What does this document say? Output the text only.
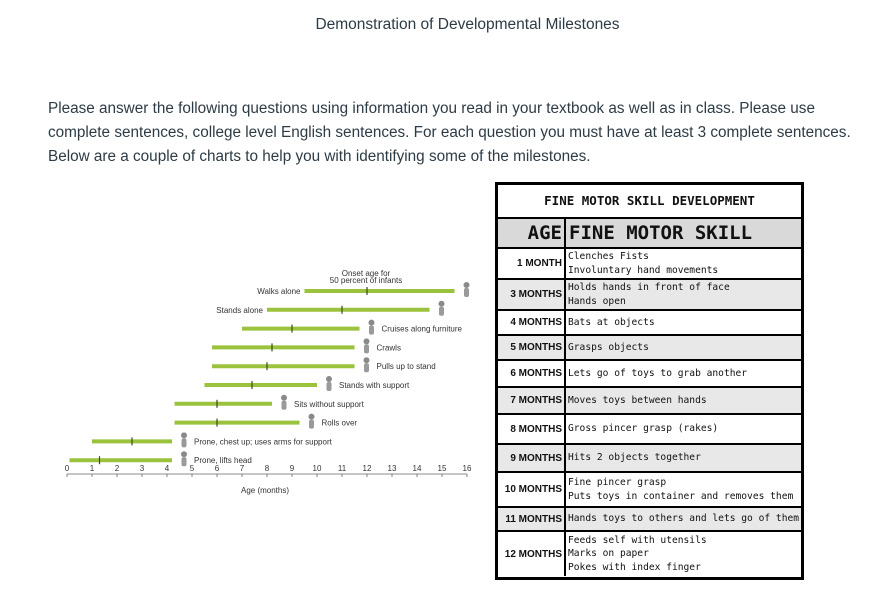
Demonstration of Developmental Milestones

Please answer the following questions using information you read in your textbook as well as in class. Please use complete sentences, college level English sentences. For each question you must have at least 3 complete sentences. Below are a couple of charts to help you with identifying some of the milestones.

Walks alone
Stands alone
Cruises along furniture
Crawls
Pulls up to stand
Stands with support
Sits without support
Rolls over
Prone, chest up; uses arms for support
Prone, lifts head
0	1	2	3	4	5	6	7	8	9 10 11 12 13 14 15 16
Onset age for
50 percent of infants
Age (months)
FINE MOTOR SKILL DEVELOPMENT
AGE FINE MOTOR SKILL
1 MONTH
Clenches Fists
Involuntary hand movements
3 MONTHS
Holds hands in front of face
Hands open
4 MONTHS Bats at objects
5 MONTHS Grasps objects
6 MONTHS Lets go of toys to grab another
7 MONTHS Moves toys between hands
8 MONTHS Gross pincer grasp (rakes)
9 MONTHS Hits 2 objects together
10 MONTHS
Fine pincer grasp
Puts toys in container and removes them
11 MONTHS Hands toys to others and lets go of them
12 MONTHS
Feeds self with utensils
Marks on paper
Pokes with index finger
